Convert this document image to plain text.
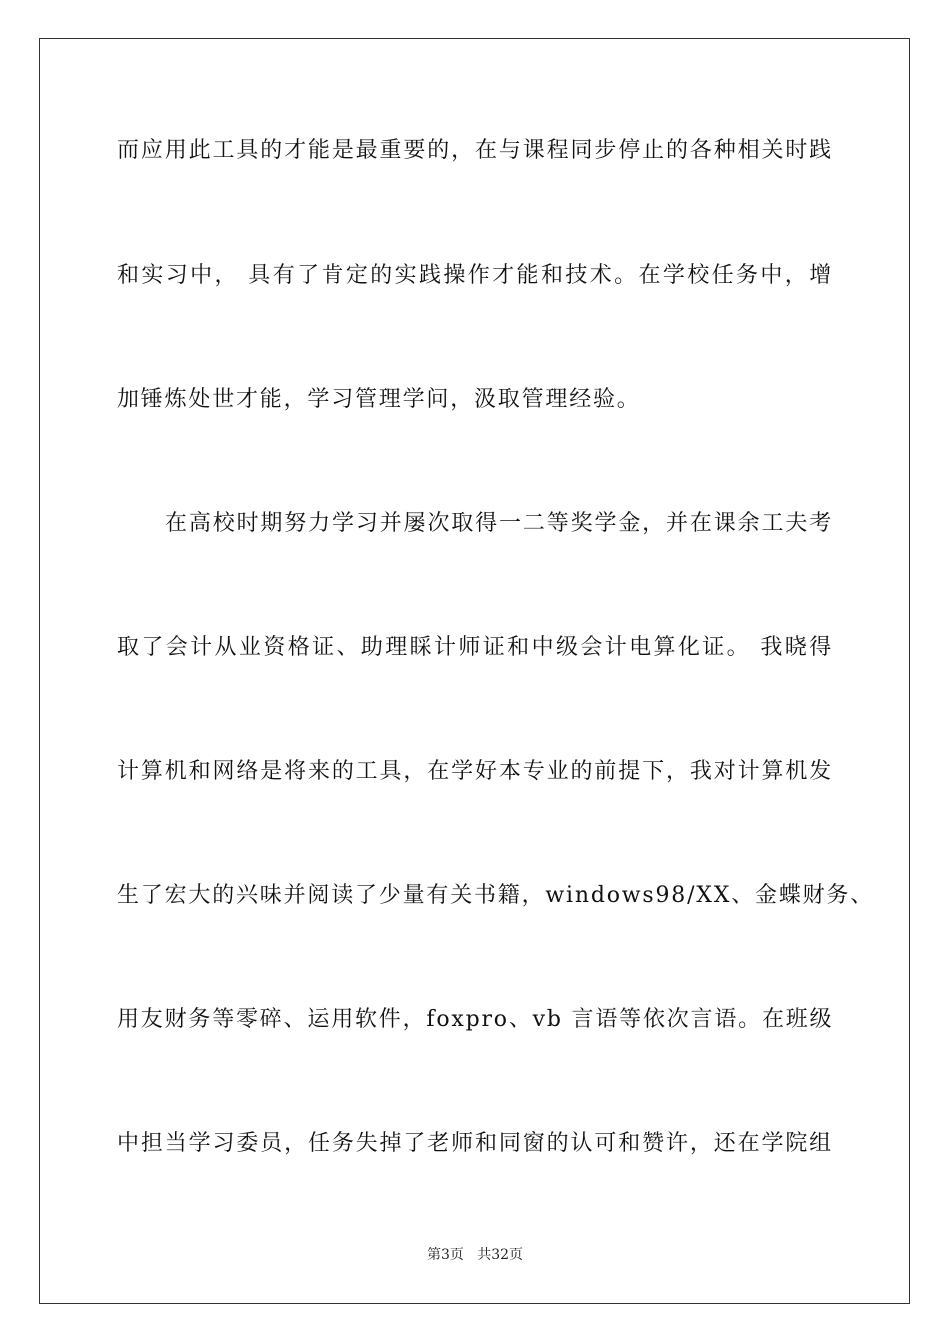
而应用此工具的才能是最重要的，在与课程同步停止的各种相关时践
和实习中， 具有了肯定的实践操作才能和技术。在学校任务中，增
加锤炼处世才能，学习管理学问，汲取管理经验。
在高校时期努力学习并屡次取得一二等奖学金，并在课余工夫考
取了会计从业资格证、助理睬计师证和中级会计电算化证。 我晓得
计算机和网络是将来的工具，在学好本专业的前提下，我对计算机发
生了宏大的兴味并阅读了少量有关书籍，windows98/XX、金蝶财务、
用友财务等零碎、运用软件，foxpro、vb 言语等依次言语。在班级
中担当学习委员，任务失掉了老师和同窗的认可和赞许，还在学院组
第3页   共32页
